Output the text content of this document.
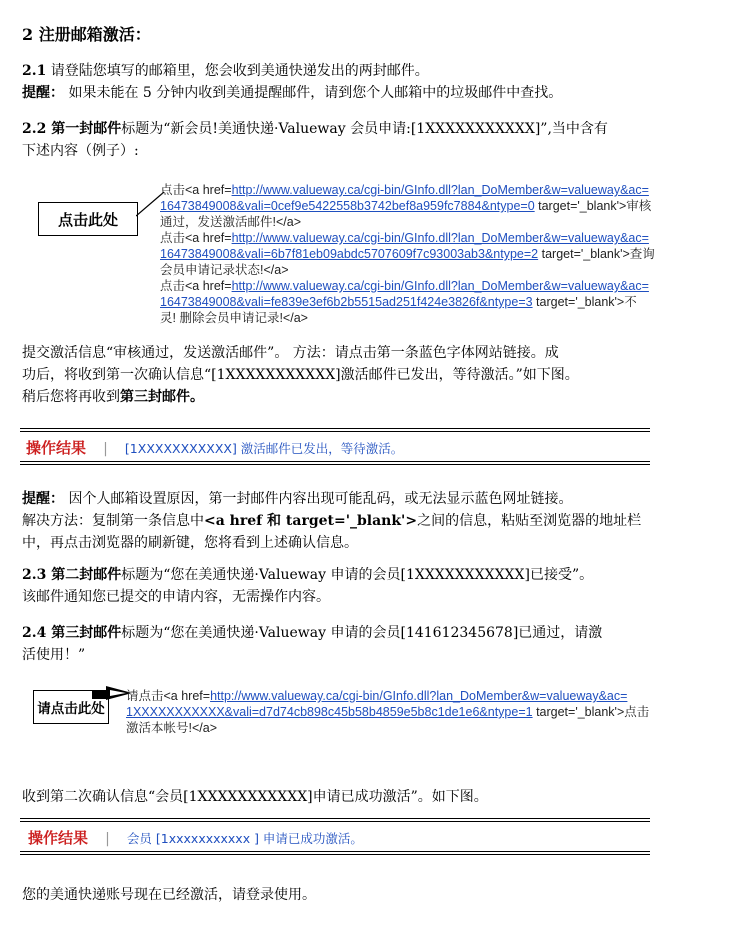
2 注册邮箱激活：
2.1 请登陆您填写的邮箱里，您会收到美通快递发出的两封邮件。
提醒： 如果未能在 5 分钟内收到美通提醒邮件，请到您个人邮箱中的垃圾邮件中查找。
2.2 第一封邮件标题为“新会员!美通快递·Valueway 会员申请:[1XXXXXXXXXXX]”,当中含有
下述内容（例子）:
点击此处
点击<a href=http://www.valueway.ca/cgi-bin/GInfo.dll?lan_DoMember&w=valueway&ac=
16473849008&vali=0cef9e5422558b3742bef8a959fc7884&ntype=0 target='_blank'>审核
通过，发送激活邮件!</a>
点击<a href=http://www.valueway.ca/cgi-bin/GInfo.dll?lan_DoMember&w=valueway&ac=
16473849008&vali=6b7f81eb09abdc5707609f7c93003ab3&ntype=2 target='_blank'>查询
会员申请记录状态!</a>
点击<a href=http://www.valueway.ca/cgi-bin/GInfo.dll?lan_DoMember&w=valueway&ac=
16473849008&vali=fe839e3ef6b2b5515ad251f424e3826f&ntype=3 target='_blank'>不
灵! 删除会员申请记录!</a>
提交激活信息“审核通过，发送激活邮件”。 方法：请点击第一条蓝色字体网站链接。成
功后，将收到第一次确认信息“[1XXXXXXXXXXX]激活邮件已发出，等待激活。”如下图。
稍后您将再收到第三封邮件。
操作结果 | [1XXXXXXXXXXX] 激活邮件已发出，等待激活。
提醒： 因个人邮箱设置原因，第一封邮件内容出现可能乱码，或无法显示蓝色网址链接。
解决方法：复制第一条信息中<a href 和 target='_blank'>之间的信息，粘贴至浏览器的地址栏
中，再点击浏览器的刷新键，您将看到上述确认信息。
2.3 第二封邮件标题为“您在美通快递·Valueway 申请的会员[1XXXXXXXXXXX]已接受”。
该邮件通知您已提交的申请内容，无需操作内容。
2.4 第三封邮件标题为“您在美通快递·Valueway 申请的会员[141612345678]已通过，请激
活使用！”
请点击此处
请点击<a href=http://www.valueway.ca/cgi-bin/GInfo.dll?lan_DoMember&w=valueway&ac=
1XXXXXXXXXXX&vali=d7d74cb898c45b58b4859e5b8c1de1e6&ntype=1 target='_blank'>点击
激活本帐号!</a>
收到第二次确认信息“会员[1XXXXXXXXXXX]申请已成功激活”。如下图。
操作结果 | 会员 [1xxxxxxxxxxx ] 申请已成功激活。
您的美通快递账号现在已经激活，请登录使用。
